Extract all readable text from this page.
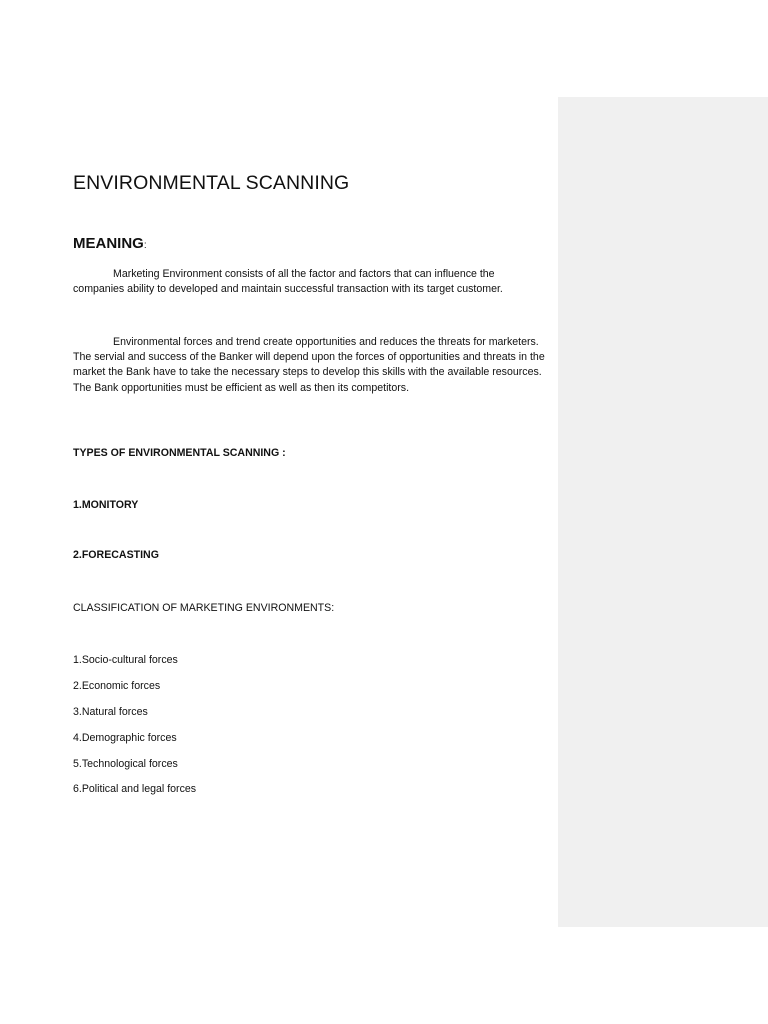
ENVIRONMENTAL SCANNING

MEANING:

Marketing Environment consists of all the factor and factors that can influence the companies ability to developed and maintain successful transaction with its target customer.

Environmental forces and trend create opportunities and reduces the threats for marketers. The servial and success of the Banker will depend upon the forces of opportunities and threats in the market the Bank have to take the necessary steps to develop this skills with the available resources. The Bank opportunities must be efficient as well as then its competitors.

TYPES OF ENVIRONMENTAL SCANNING :

1.MONITORY

2.FORECASTING

CLASSIFICATION OF MARKETING ENVIRONMENTS:

1.Socio-cultural forces
2.Economic forces
3.Natural forces
4.Demographic forces
5.Technological forces
6.Political and legal forces
